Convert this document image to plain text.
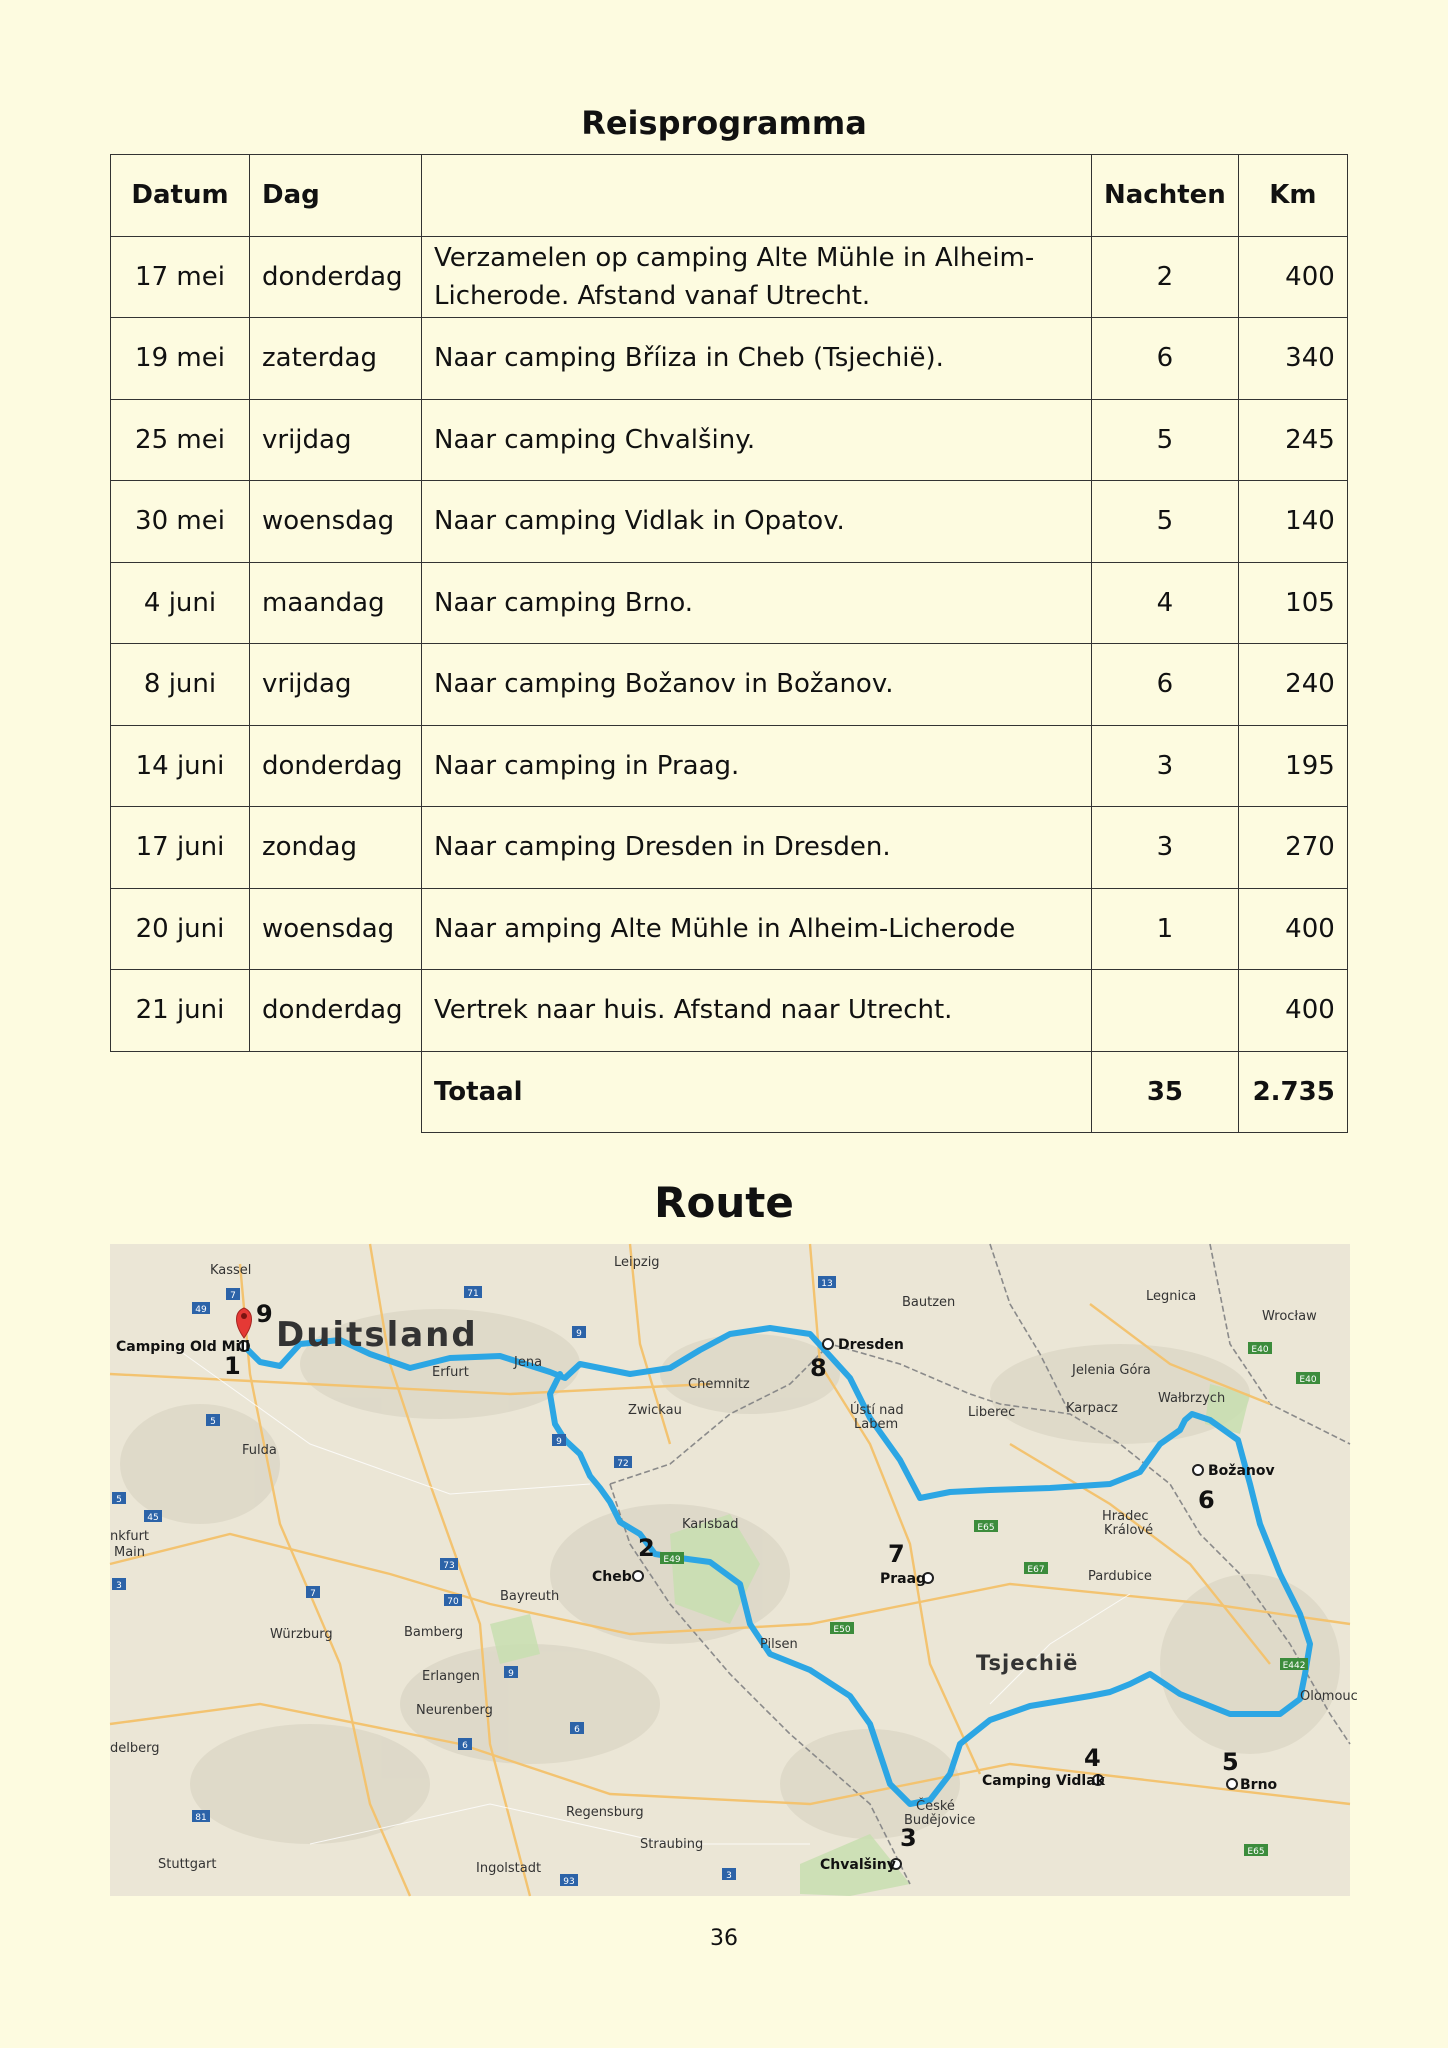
Reisprogramma
Datum	Dag		Nachten	Km
17 mei	donderdag	Verzamelen op camping Alte Mühle in Alheim-Licherode. Afstand vanaf Utrecht.	2	400
19 mei	zaterdag	Naar camping Bříiza in Cheb (Tsjechië).	6	340
25 mei	vrijdag	Naar camping Chvalšiny.	5	245
30 mei	woensdag	Naar camping Vidlak in Opatov.	5	140
4 juni	maandag	Naar camping Brno.	4	105
8 juni	vrijdag	Naar camping Božanov in Božanov.	6	240
14 juni	donderdag	Naar camping in Praag.	3	195
17 juni	zondag	Naar camping Dresden in Dresden.	3	270
20 juni	woensdag	Naar amping Alte Mühle in Alheim-Licherode	1	400
21 juni	donderdag	Vertrek naar huis. Afstand naar Utrecht.		400
		Totaal	35	2.735
Route
49
7	71
9
13
5
5
45
3
72
9
E49
73
7
70
E50
E65
E67
E40
E40
E442
9
6
6
81
93
3
E65
Kassel
Leipzig
Bautzen	Legnica
Wrocław
Erfurt
Jena
Chemnitz
Zwickau
Jelenia Góra
Wałbrzych
Ústí nad
Labem
Liberec	Karpacz
Fulda
nkfurt
Main
Karlsbad
Hradec
Králové
Pardubice
Bayreuth
Würzburg	Bamberg
Pilsen
Olomouc
Erlangen
Neurenberg
delberg
České
Budějovice
Regensburg
Straubing
Stuttgart	Ingolstadt
Duitsland
Tsjechië
Camping Old Mill
Cheb
Chvalšiny
Camping Vidlak	Brno
Božanov
Praag
Dresden
1
9
2
3
4	5
6
7
8
36
